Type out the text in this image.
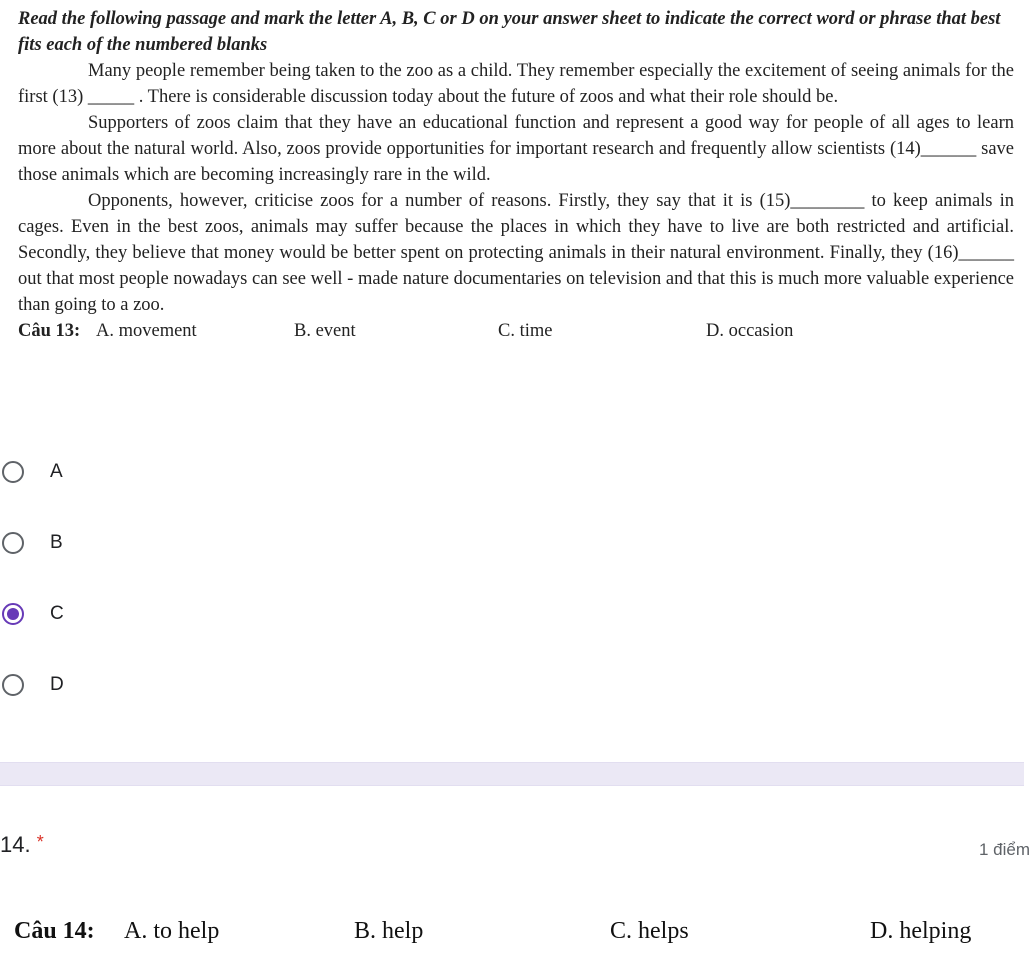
Read the following passage and mark the letter A, B, C or D on your answer sheet to indicate the correct word or phrase that best fits each of the numbered blanks

Many people remember being taken to the zoo as a child. They remember especially the excitement of seeing animals for the first (13) _____ . There is considerable discussion today about the future of zoos and what their role should be.

Supporters of zoos claim that they have an educational function and represent a good way for people of all ages to learn more about the natural world. Also, zoos provide opportunities for important research and frequently allow scientists (14)______ save those animals which are becoming increasingly rare in the wild.

Opponents, however, criticise zoos for a number of reasons. Firstly, they say that it is (15)________ to keep animals in cages. Even in the best zoos, animals may suffer because the places in which they have to live are both restricted and artificial. Secondly, they believe that money would be better spent on protecting animals in their natural environment. Finally, they (16)______ out that most people nowadays can see well - made nature documentaries on television and that this is much more valuable experience than going to a zoo.

Câu 13: A. movement	B. event	C. time	D. occasion
A
B
C
D
14. *	1 điểm
Câu 14: A. to help	B. help	C. helps	D. helping
